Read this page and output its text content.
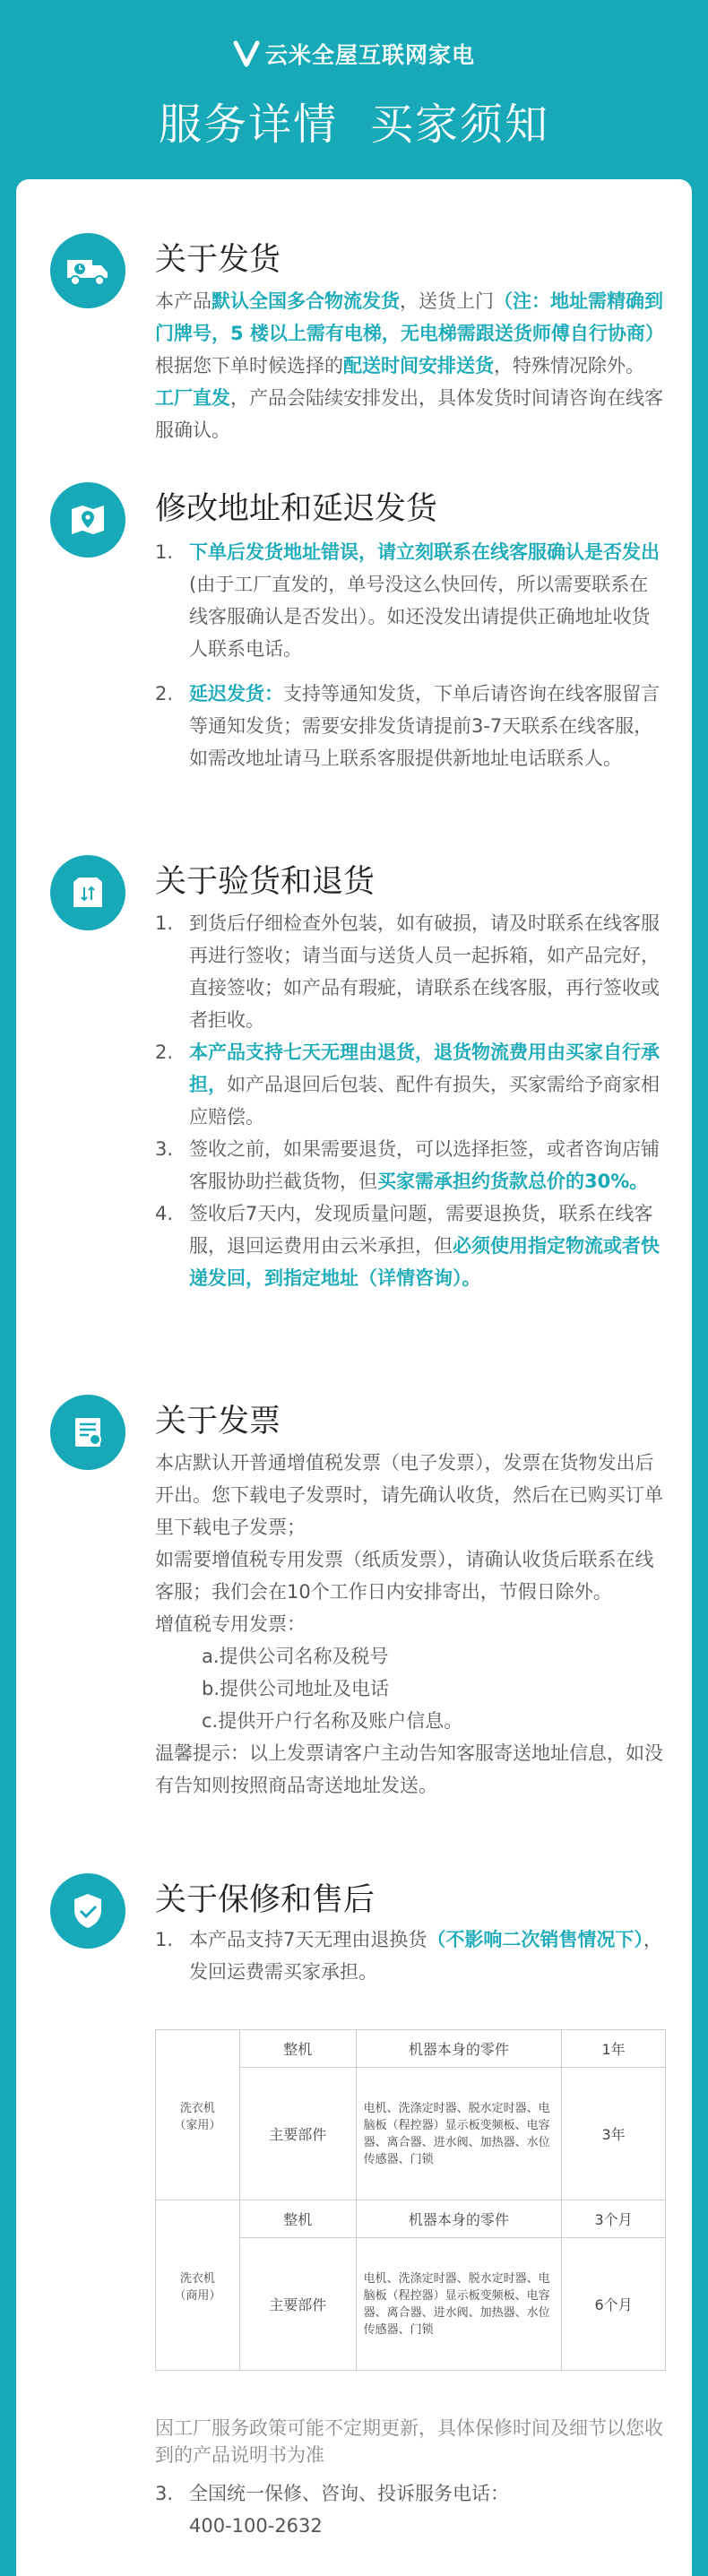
云米全屋互联网家电
服务详情 买家须知
关于发货

本产品默认全国多合物流发货，送货上门（注：地址需精确到门牌号，5 楼以上需有电梯，无电梯需跟送货师傅自行协商）根据您下单时候选择的配送时间安排送货，特殊情况除外。

工厂直发，产品会陆续安排发出，具体发货时间请咨询在线客服确认。

修改地址和延迟发货
1. 下单后发货地址错误，请立刻联系在线客服确认是否发出(由于工厂直发的，单号没这么快回传，所以需要联系在线客服确认是否发出）。如还没发出请提供正确地址收货人联系电话。
2. 延迟发货：支持等通知发货，下单后请咨询在线客服留言等通知发货；需要安排发货请提前3-7天联系在线客服，如需改地址请马上联系客服提供新地址电话联系人。
关于验货和退货
1. 到货后仔细检查外包装，如有破损，请及时联系在线客服再进行签收；请当面与送货人员一起拆箱，如产品完好，直接签收；如产品有瑕疵，请联系在线客服，再行签收或者拒收。
2. 本产品支持七天无理由退货，退货物流费用由买家自行承担，如产品退回后包装、配件有损失，买家需给予商家相应赔偿。
3. 签收之前，如果需要退货，可以选择拒签，或者咨询店铺客服协助拦截货物，但买家需承担约货款总价的30%。
4. 签收后7天内，发现质量问题，需要退换货，联系在线客服，退回运费用由云米承担，但必须使用指定物流或者快递发回，到指定地址（详情咨询）。
关于发票

本店默认开普通增值税发票（电子发票），发票在货物发出后开出。您下载电子发票时，请先确认收货，然后在已购买订单里下载电子发票；

如需要增值税专用发票（纸质发票），请确认收货后联系在线客服；我们会在10个工作日内安排寄出，节假日除外。

增值税专用发票：

a.提供公司名称及税号

b.提供公司地址及电话

c.提供开户行名称及账户信息。

温馨提示：以上发票请客户主动告知客服寄送地址信息，如没有告知则按照商品寄送地址发送。

关于保修和售后
1. 本产品支持7天无理由退换货（不影响二次销售情况下），发回运费需买家承担。
洗衣机
（家用）	整机	机器本身的零件	1年
	主要部件	电机、洗涤定时器、脱水定时器、电脑板（程控器）显示板变频板、电容器、离合器、进水阀、加热器、水位传感器、门锁	3年
洗衣机
（商用）	整机	机器本身的零件	3个月
	主要部件	电机、洗涤定时器、脱水定时器、电脑板（程控器）显示板变频板、电容器、离合器、进水阀、加热器、水位传感器、门锁	6个月
因工厂服务政策可能不定期更新，具体保修时间及细节以您收到的产品说明书为准
3. 全国统一保修、咨询、投诉服务电话：
400-100-2632
